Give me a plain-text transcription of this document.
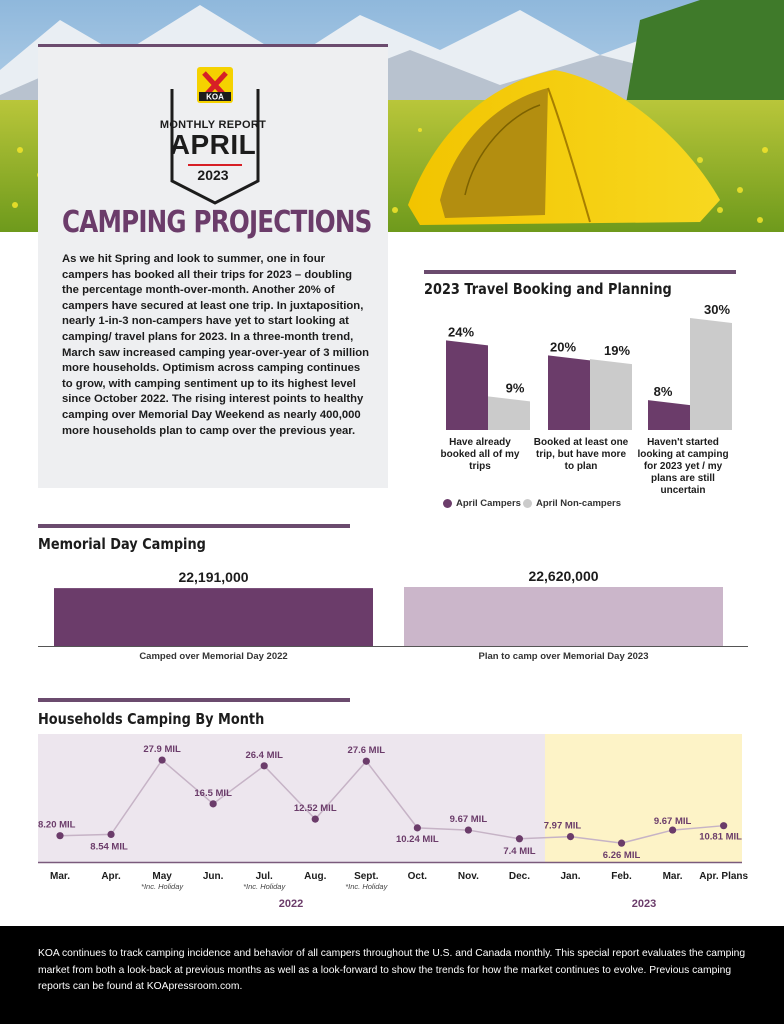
KOA
MONTHLY REPORT
APRIL
2023
CAMPING PROJECTIONS
As we hit Spring and look to summer, one in four campers has booked all their trips for 2023 – doubling the percentage month-over-month. Another 20% of campers have secured at least one trip. In juxtaposition, nearly 1-in-3 non-campers have yet to start looking at camping/ travel plans for 2023. In a three-month trend, March saw increased camping year-over-year of 3 million more households. Optimism across camping continues to grow, with camping sentiment up to its highest level since October 2022. The rising interest points to healthy camping over Memorial Day Weekend as nearly 400,000 more households plan to camp over the previous year.
2023 Travel Booking and Planning
24%
9%
20% 19%
8%
30%
Have already booked all of my trips
Booked at least one trip, but have more to plan
Haven't started looking at camping for 2023 yet / my plans are still uncertain
April Campers April Non-campers
Memorial Day Camping
22,191,000	22,620,000
Camped over Memorial Day 2022	Plan to camp over Memorial Day 2023
Households Camping By Month
8.20 MIL
8.54 MIL
27.9 MIL
16.5 MIL
26.4 MIL
12.52 MIL
27.6 MIL
10.24 MIL
9.67 MIL
7.4 MIL
7.97 MIL
6.26 MIL
9.67 MIL
10.81 MIL
Mar.	Apr.	May
*Inc. Holiday
Jun.	Jul.
*Inc. Holiday
Aug.	Sept.
*Inc. Holiday
Oct.	Nov.	Dec.	Jan.	Feb.	Mar.	Apr. Plans
2022	2023
KOA continues to track camping incidence and behavior of all campers throughout the U.S. and Canada monthly. This special report evaluates the camping market from both a look-back at previous months as well as a look-forward to show the trends for how the market continues to evolve. Previous camping reports can be found at KOApressroom.com.
